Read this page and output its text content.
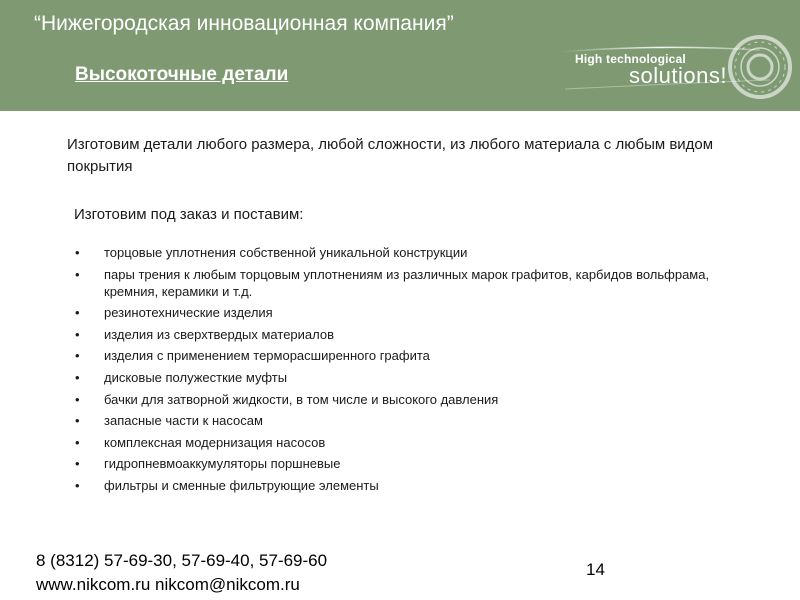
“Нижегородская инновационная компания”
Высокоточные детали
High technological
solutions!
Изготовим детали любого размера, любой сложности, из любого материала с любым видом покрытия
Изготовим под заказ и поставим:
• торцовые уплотнения собственной уникальной конструкции
• пары трения к любым торцовым уплотнениям из различных марок графитов, карбидов вольфрама, кремния, керамики и т.д.
• резинотехнические изделия
• изделия из сверхтвердых материалов
• изделия с применением терморасширенного графита
• дисковые полужесткие муфты
• бачки для затворной жидкости, в том числе и высокого давления
• запасные части к насосам
• комплексная модернизация насосов
• гидропневмоаккумуляторы поршневые
• фильтры и сменные фильтрующие элементы
8 (8312) 57-69-30, 57-69-40, 57-69-60
www.nikcom.ru nikcom@nikcom.ru
14
